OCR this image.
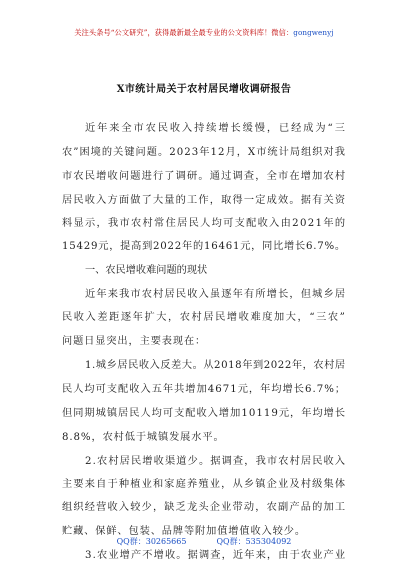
关注头条号“公文研究”，获得最新最全最专业的公文资料库！微信：gongwenyj
X市统计局关于农村居民增收调研报告
近年来全市农民收入持续增长缓慢，已经成为“三
农”困境的关键问题。2023年12月，X市统计局组织对我
市农民增收问题进行了调研。通过调查，全市在增加农村
居民收入方面做了大量的工作，取得一定成效。据有关资
料显示，我市农村常住居民人均可支配收入由2021年的
15429元，提高到2022年的16461元，同比增长6.7%。
一、农民增收难问题的现状
近年来我市农村居民收入虽逐年有所增长，但城乡居
民收入差距逐年扩大，农村居民增收难度加大，“三农”
问题日显突出，主要表现在：
1.城乡居民收入反差大。从2018年到2022年，农村居
民人均可支配收入五年共增加4671元，年均增长6.7%；
但同期城镇居民人均可支配收入增加10119元，年均增长
8.8%，农村低于城镇发展水平。
2.农村居民增收渠道少。据调查，我市农村居民收入
主要来自于种植业和家庭养殖业，从乡镇企业及村级集体
组织经营收入较少，缺乏龙头企业带动，农副产品的加工
贮藏、保鲜、包装、品牌等附加值增值收入较少。
3.农业增产不增收。据调查，近年来，由于农业产业
QQ群：30265665	QQ群：535304092
